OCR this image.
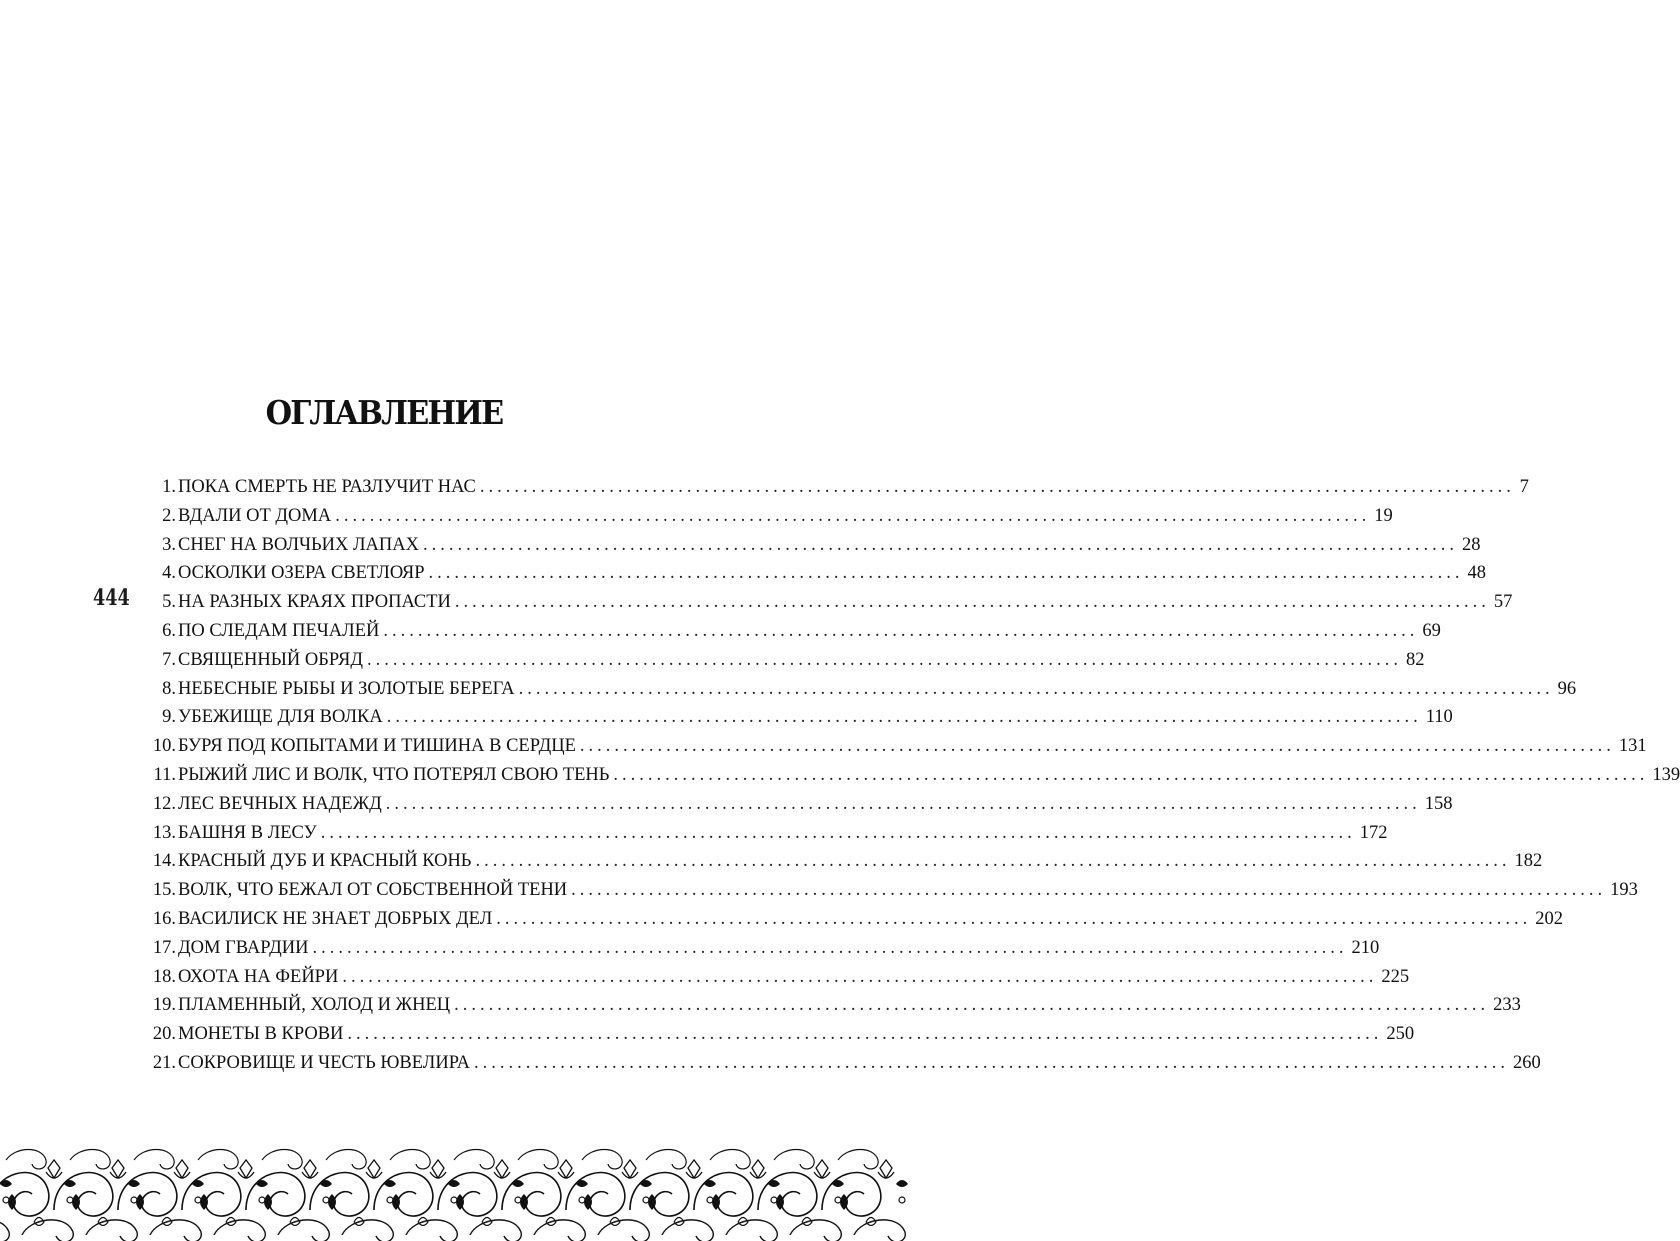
444
ОГЛАВЛЕНИЕ
1. ПОКА СМЕРТЬ НЕ РАЗЛУЧИТ НАС ........................................................................................................................ 7
2. ВДАЛИ ОТ ДОМА ........................................................................................................................ 19
3. СНЕГ НА ВОЛЧЬИХ ЛАПАХ ........................................................................................................................ 28
4. ОСКОЛКИ ОЗЕРА СВЕТЛОЯР ........................................................................................................................ 48
5. НА РАЗНЫХ КРАЯХ ПРОПАСТИ ........................................................................................................................ 57
6. ПО СЛЕДАМ ПЕЧАЛЕЙ ........................................................................................................................ 69
7. СВЯЩЕННЫЙ ОБРЯД ........................................................................................................................ 82
8. НЕБЕСНЫЕ РЫБЫ И ЗОЛОТЫЕ БЕРЕГА ........................................................................................................................ 96
9. УБЕЖИЩЕ ДЛЯ ВОЛКА ........................................................................................................................ 110
10. БУРЯ ПОД КОПЫТАМИ И ТИШИНА В СЕРДЦЕ ........................................................................................................................ 131
11. РЫЖИЙ ЛИС И ВОЛК, ЧТО ПОТЕРЯЛ СВОЮ ТЕНЬ ........................................................................................................................ 139
12. ЛЕС ВЕЧНЫХ НАДЕЖД ........................................................................................................................ 158
13. БАШНЯ В ЛЕСУ ........................................................................................................................ 172
14. КРАСНЫЙ ДУБ И КРАСНЫЙ КОНЬ ........................................................................................................................ 182
15. ВОЛК, ЧТО БЕЖАЛ ОТ СОБСТВЕННОЙ ТЕНИ ........................................................................................................................ 193
16. ВАСИЛИСК НЕ ЗНАЕТ ДОБРЫХ ДЕЛ ........................................................................................................................ 202
17. ДОМ ГВАРДИИ ........................................................................................................................ 210
18. ОХОТА НА ФЕЙРИ ........................................................................................................................ 225
19. ПЛАМЕННЫЙ, ХОЛОД И ЖНЕЦ ........................................................................................................................ 233
20. МОНЕТЫ В КРОВИ ........................................................................................................................ 250
21. СОКРОВИЩЕ И ЧЕСТЬ ЮВЕЛИРА ........................................................................................................................ 260
